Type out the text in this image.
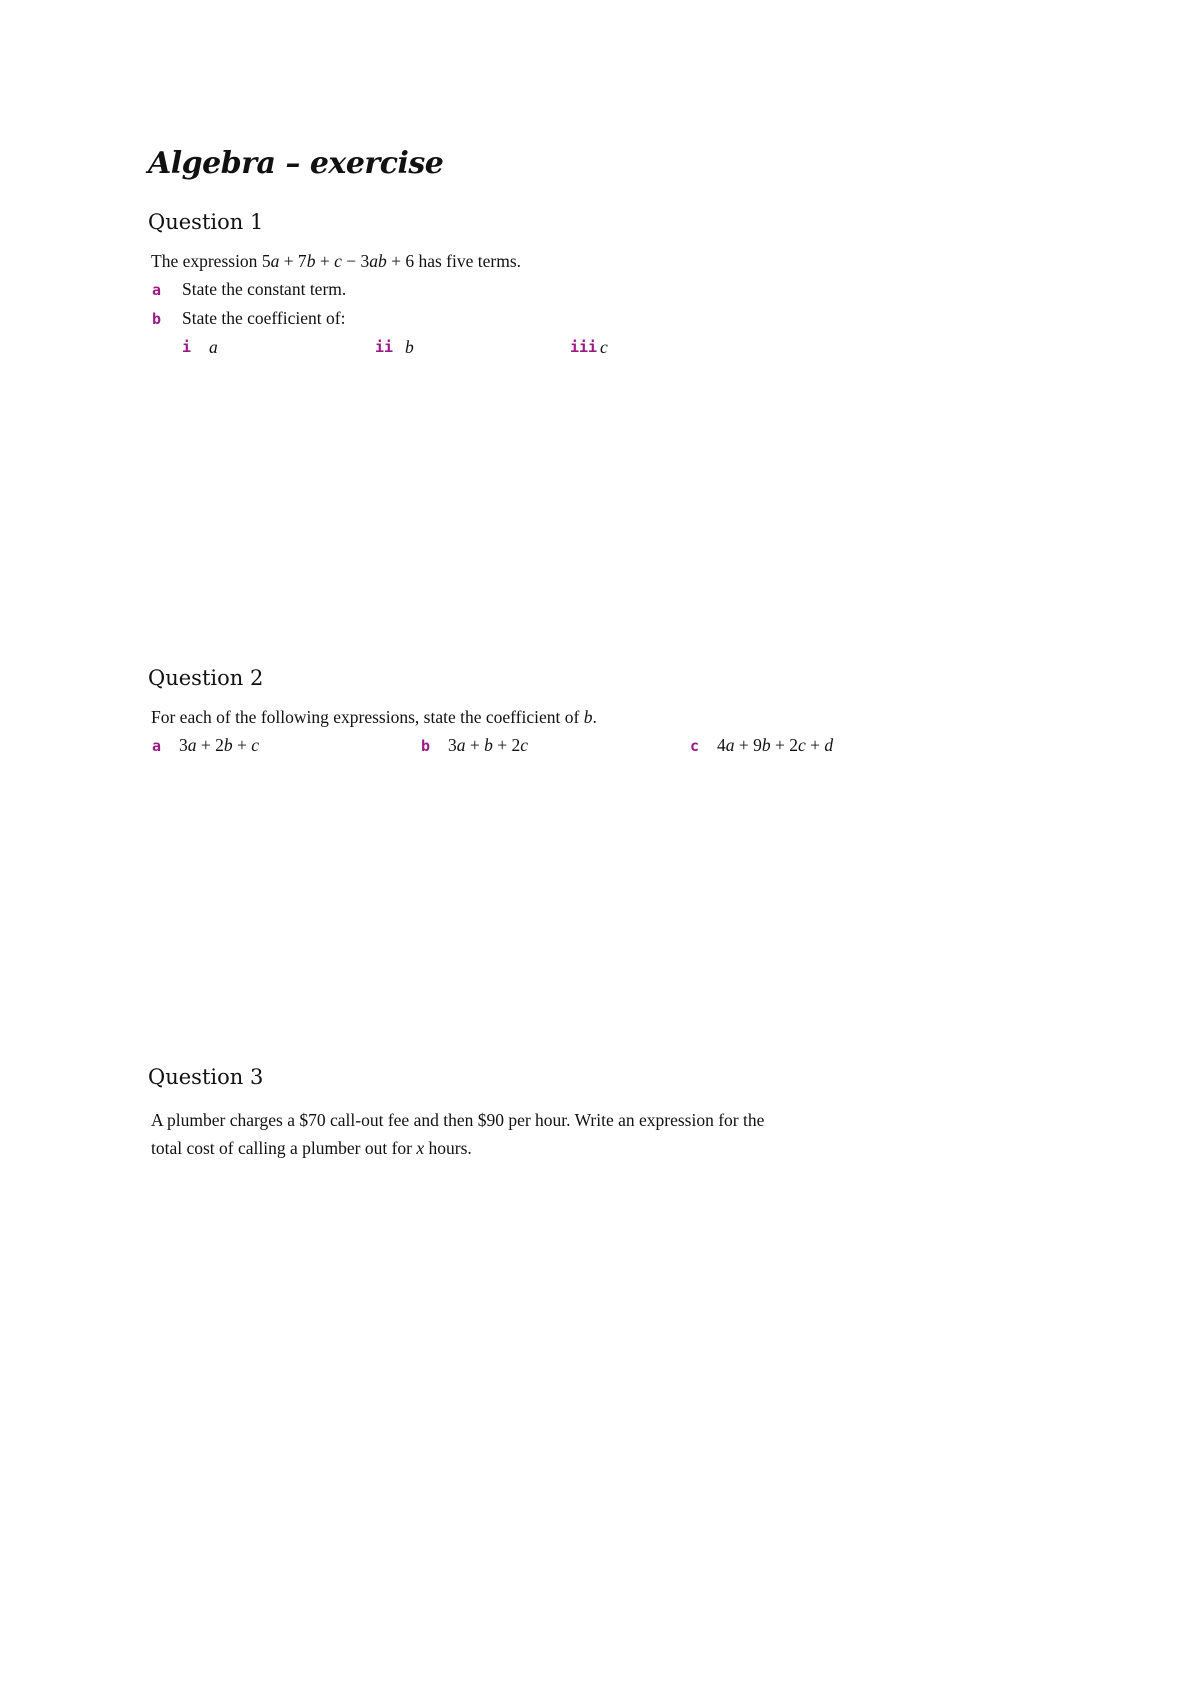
Algebra – exercise
Question 1
The expression 5a + 7b + c − 3ab + 6 has five terms.
a State the constant term.
b State the coefficient of:
i a	ii b	iii c
Question 2
For each of the following expressions, state the coefficient of b.
a 3a + 2b + c	b 3a + b + 2c	c 4a + 9b + 2c + d
Question 3
A plumber charges a $70 call-out fee and then $90 per hour. Write an expression for the
total cost of calling a plumber out for x hours.
